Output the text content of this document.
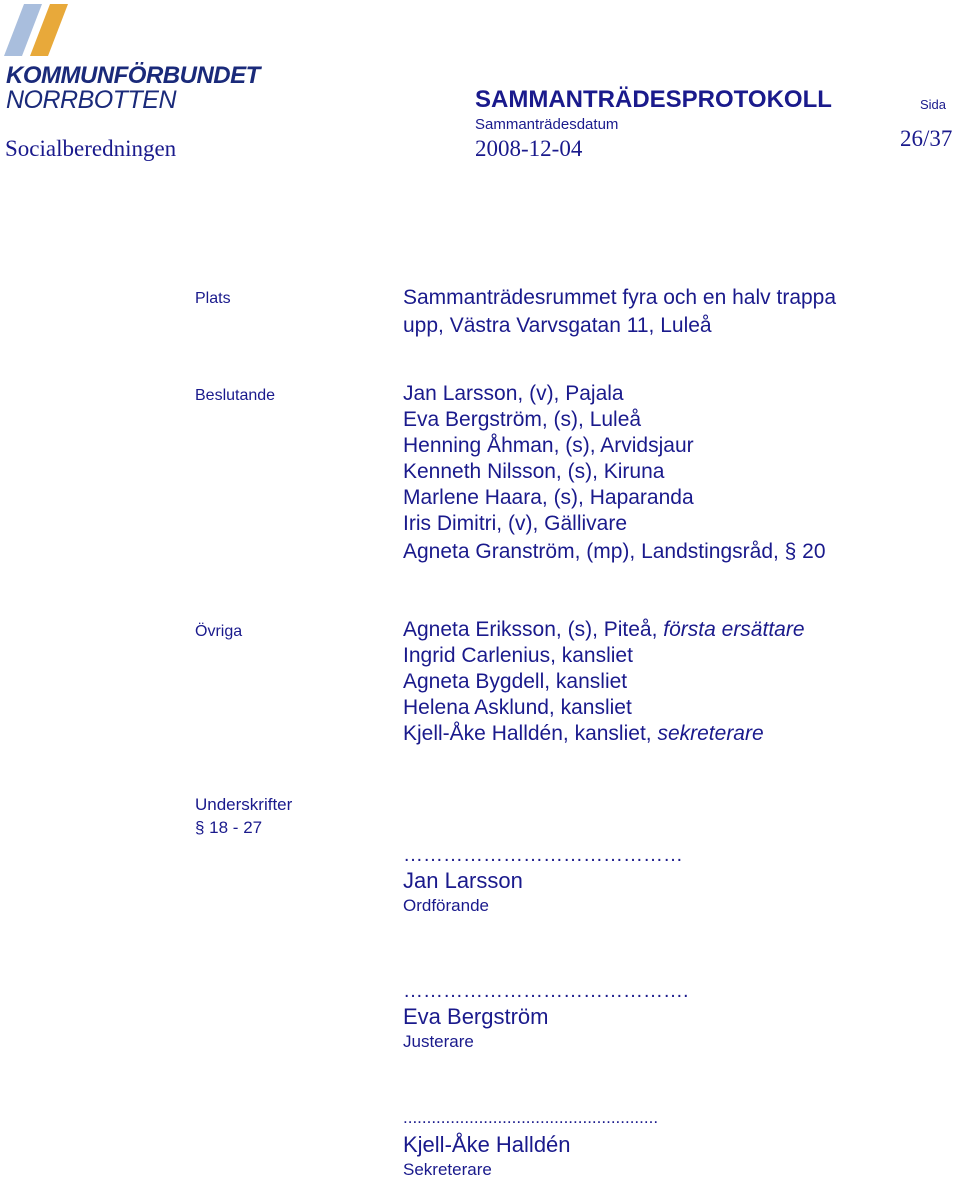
KOMMUNFÖRBUNDET
NORRBOTTEN	SAMMANTRÄDESPROTOKOLL
Sammanträdesdatum
2008-12-04
Sida
26/37
Socialberedningen
Plats	Sammanträdesrummet fyra och en halv trappa
upp, Västra Varvsgatan 11, Luleå
Beslutande	Jan Larsson, (v), Pajala
Eva Bergström, (s), Luleå
Henning Åhman, (s), Arvidsjaur
Kenneth Nilsson, (s), Kiruna
Marlene Haara, (s), Haparanda
Iris Dimitri, (v), Gällivare
Agneta Granström, (mp), Landstingsråd, § 20
Övriga	Agneta Eriksson, (s), Piteå, första ersättare
Ingrid Carlenius, kansliet
Agneta Bygdell, kansliet
Helena Asklund, kansliet
Kjell-Åke Halldén, kansliet, sekreterare
Underskrifter
§ 18 - 27
……………………………………
Jan Larsson
Ordförande
…………………………………….
Eva Bergström
Justerare
......................................................
Kjell-Åke Halldén
Sekreterare
